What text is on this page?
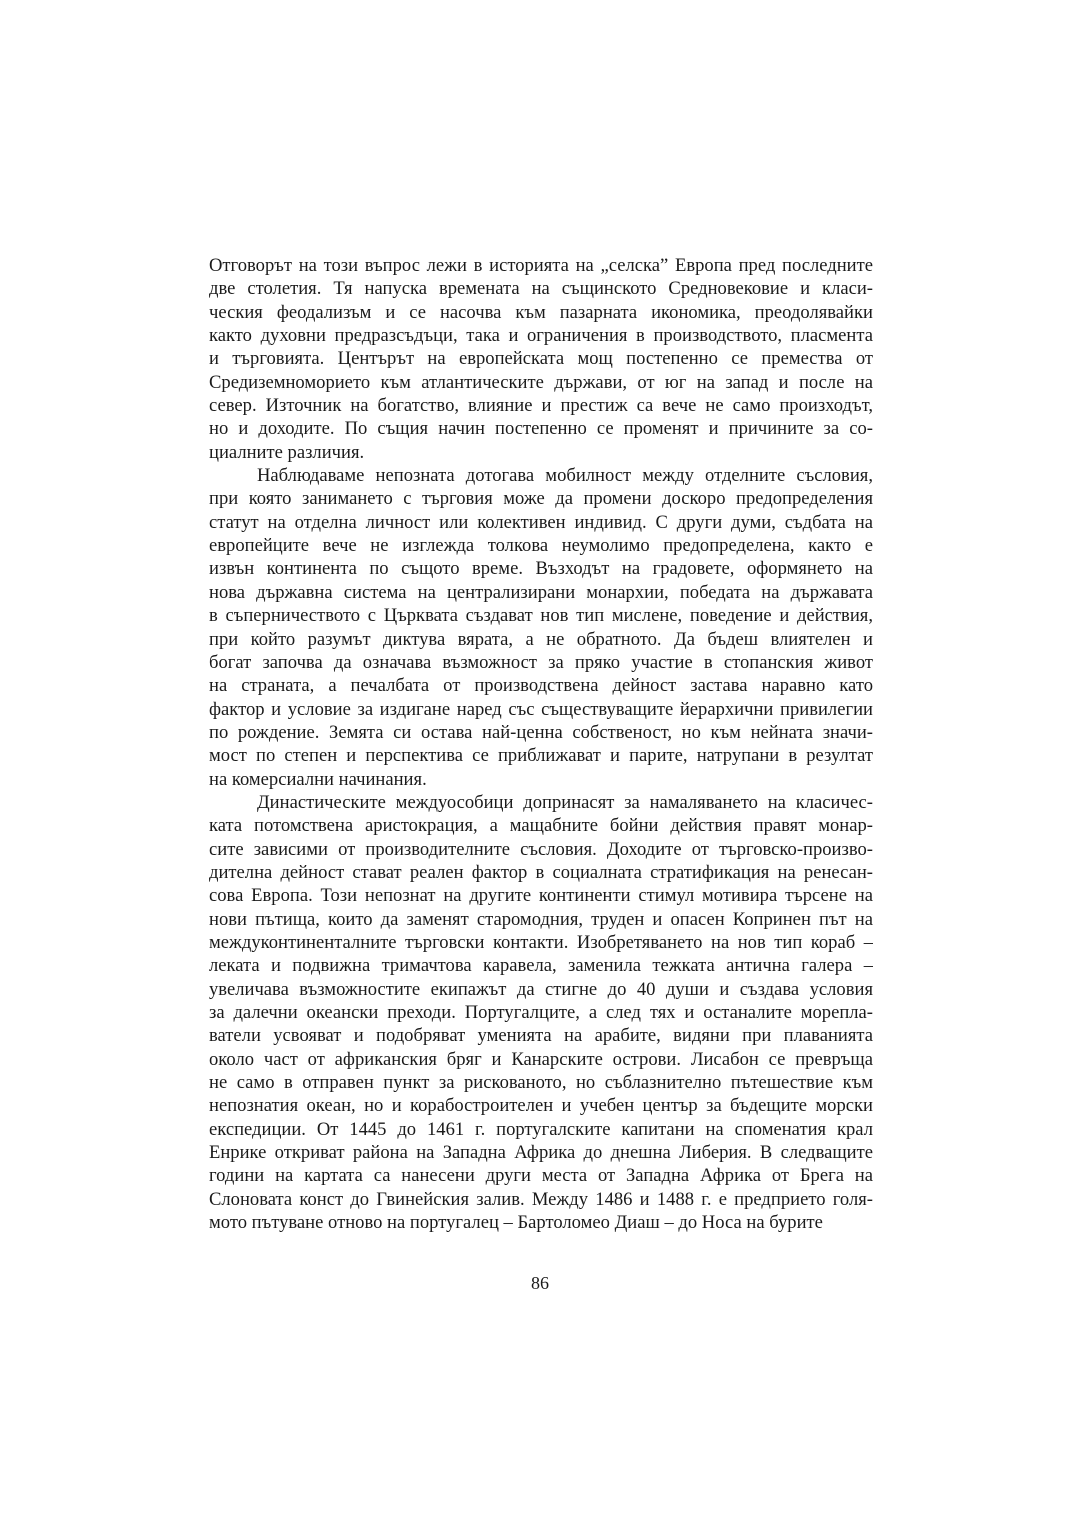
Отговорът на този въпрос лежи в историята на „селска” Европа пред последните
две столетия. Тя напуска времената на същинското Средновековие и класи-
ческия феодализъм и се насочва към пазарната икономика, преодолявайки
както духовни предразсъдъци, така и ограничения в производството, пласмента
и търговията. Центърът на европейската мощ постепенно се премества от
Средиземноморието към атлантическите държави, от юг на запад и после на
север. Източник на богатство, влияние и престиж са вече не само произходът,
но и доходите. По същия начин постепенно се променят и причините за со-
циалните различия.
Наблюдаваме непозната дотогава мобилност между отделните съсловия,
при която занимането с търговия може да промени доскоро предопределения
статут на отделна личност или колективен индивид. С други думи, съдбата на
европейците вече не изглежда толкова неумолимо предопределена, както е
извън континента по същото време. Възходът на градовете, оформянето на
нова държавна система на централизирани монархии, победата на държавата
в съперничеството с Църквата създават нов тип мислене, поведение и действия,
при който разумът диктува вярата, а не обратното. Да бъдеш влиятелен и
богат започва да означава възможност за пряко участие в стопанския живот
на страната, а печалбата от производствена дейност застава наравно като
фактор и условие за издигане наред със съществуващите йерархични привилегии
по рождение. Земята си остава най-ценна собственост, но към нейната значи-
мост по степен и перспектива се приближават и парите, натрупани в резултат
на комерсиални начинания.
Династическите междуособици допринасят за намаляването на класичес-
ката потомствена аристокрация, а мащабните бойни действия правят монар-
сите зависими от производителните съсловия. Доходите от търговско-произво-
дителна дейност стават реален фактор в социалната стратификация на ренесан-
сова Европа. Този непознат на другите континенти стимул мотивира търсене на
нови пътища, които да заменят старомодния, труден и опасен Копринен път на
междуконтиненталните търговски контакти. Изобретяването на нов тип кораб –
леката и подвижна тримачтова каравела, заменила тежката антична галера –
увеличава възможностите екипажът да стигне до 40 души и създава условия
за далечни океански преходи. Португалците, а след тях и останалите морепла-
ватели усвояват и подобряват уменията на арабите, видяни при плаванията
около част от африканския бряг и Канарските острови. Лисабон се превръща
не само в отправен пункт за рискованото, но съблазнително пътешествие към
непознатия океан, но и корабостроителен и учебен център за бъдещите морски
експедиции. От 1445 до 1461 г. португалските капитани на споменатия крал
Енрике откриват района на Западна Африка до днешна Либерия. В следващите
години на картата са нанесени други места от Западна Африка от Брега на
Слоновата конст до Гвинейския залив. Между 1486 и 1488 г. е предприето голя-
мото пътуване отново на португалец – Бартоломео Диаш – до Носа на бурите
86
